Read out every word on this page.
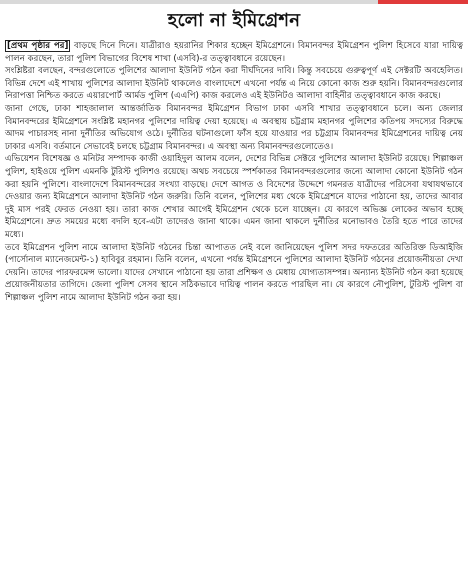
হলো না ইমিগ্রেশন

[প্রথম পৃষ্ঠার পর] বাড়ছে দিনে দিনে। যাত্রীরাও হয়রানির শিকার হচ্ছেন ইমিগ্রেশনে। বিমানবন্দর ইমিগ্রেশন পুলিশ হিসেবে যারা দায়িত্ব পালন করছেন, তারা পুলিশ বিভাগের বিশেষ শাখা (এসবি)-র তত্ত্বাবধানে রয়েছেন।

সংশ্লিষ্টরা বলছেন, বন্দরগুলোতে পুলিশের আলাদা ইউনিট গঠন করা দীর্ঘদিনের দাবি। কিন্তু সবচেয়ে গুরুত্বপূর্ণ এই সেক্টরটি অবহেলিত। বিভিন্ন দেশে এই শাখায় পুলিশের আলাদা ইউনিট থাকলেও বাংলাদেশে এখনো পর্যন্ত এ নিয়ে কোনো কাজ শুরু হয়নি। বিমানবন্দরগুলোর নিরাপত্তা নিশ্চিত করতে এয়ারপোর্ট আর্মড পুলিশ (এএপি) কাজ করলেও এই ইউনিটও আলাদা বাহিনীর তত্ত্বাবধানে কাজ করছে।

জানা গেছে, ঢাকা শাহজালাল আন্তর্জাতিক বিমানবন্দর ইমিগ্রেশন বিভাগ ঢাকা এসবি শাখার তত্ত্বাবধানে চলে। অন্য জেলার বিমানবন্দরের ইমিগ্রেশনে সংশ্লিষ্ট মহানগর পুলিশের দায়িত্ব দেয়া হয়েছে। এ অবস্থায় চট্টগ্রাম মহানগর পুলিশের কতিপয় সদস্যের বিরুদ্ধে আদম পাচারসহ নানা দুর্নীতির অভিযোগ ওঠে। দুর্নীতির ঘটনাগুলো ফাঁস হয়ে যাওয়ার পর চট্টগ্রাম বিমানবন্দর ইমিগ্রেশনের দায়িত্ব নেয় ঢাকার এসবি। বর্তমানে সেভাবেই চলছে চট্টগ্রাম বিমানবন্দর। এ অবস্থা অন্য বিমানবন্দরগুলোতেও।

এভিয়েশন বিশেষজ্ঞ ও মনিটর সম্পাদক কাজী ওয়াহিদুল আলম বলেন, দেশের বিভিন্ন সেক্টরে পুলিশের আলাদা ইউনিট রয়েছে। শিল্পাঞ্চল পুলিশ, হাইওয়ে পুলিশ এমনকি টুরিস্ট পুলিশও রয়েছে। অথচ সবচেয়ে স্পর্শকাতর বিমানবন্দরগুলোর জন্যে আলাদা কোনো ইউনিট গঠন করা হয়নি পুলিশে। বাংলাদেশে বিমানবন্দরের সংখ্যা বাড়ছে। দেশে আগত ও বিদেশের উদ্দেশে গমনরত যাত্রীদের পরিসেবা যথাযথভাবে দেওয়ার জন্য ইমিগ্রেশনে আলাদা ইউনিট গঠন জরুরি। তিনি বলেন, পুলিশের মধ্য থেকে ইমিগ্রেশনে যাদের পাঠানো হয়, তাদের আবার দুই মাস পরই ফেরত নেওয়া হয়। তারা কাজ শেখার আগেই ইমিগ্রেশন থেকে চলে যাচ্ছেন। যে কারণে অভিজ্ঞ লোকের অভাব হচ্ছে ইমিগ্রেশনে। দ্রুত সময়ের মধ্যে বদলি হবে-এটা তাদেরও জানা থাকে। এমন জানা থাকলে দুর্নীতির মনোভাবও তৈরি হতে পারে তাদের মধ্যে।

তবে ইমিগ্রেশন পুলিশ নামে আলাদা ইউনিট গঠনের চিন্তা আপাতত নেই বলে জানিয়েছেন পুলিশ সদর দফতরের অতিরিক্ত ডিআইজি (পার্সোনাল ম্যানেজমেন্ট-১) হাবিবুর রহমান। তিনি বলেন, এখনো পর্যন্ত ইমিগ্রেশনে পুলিশের আলাদা ইউনিট গঠনের প্রয়োজনীয়তা দেখা দেয়নি। তাদের পারফরমেন্স ভালো। যাদের সেখানে পাঠানো হয় তারা প্রশিক্ষণ ও মেধায় যোগ্যতাসম্পন্ন। অন্যান্য ইউনিট গঠন করা হয়েছে প্রয়োজনীয়তার তাগিদে। জেলা পুলিশ সেসব স্থানে সঠিকভাবে দায়িত্ব পালন করতে পারছিল না। যে কারণে নৌপুলিশ, টুরিস্ট পুলিশ বা শিল্পাঞ্চল পুলিশ নামে আলাদা ইউনিট গঠন করা হয়।
